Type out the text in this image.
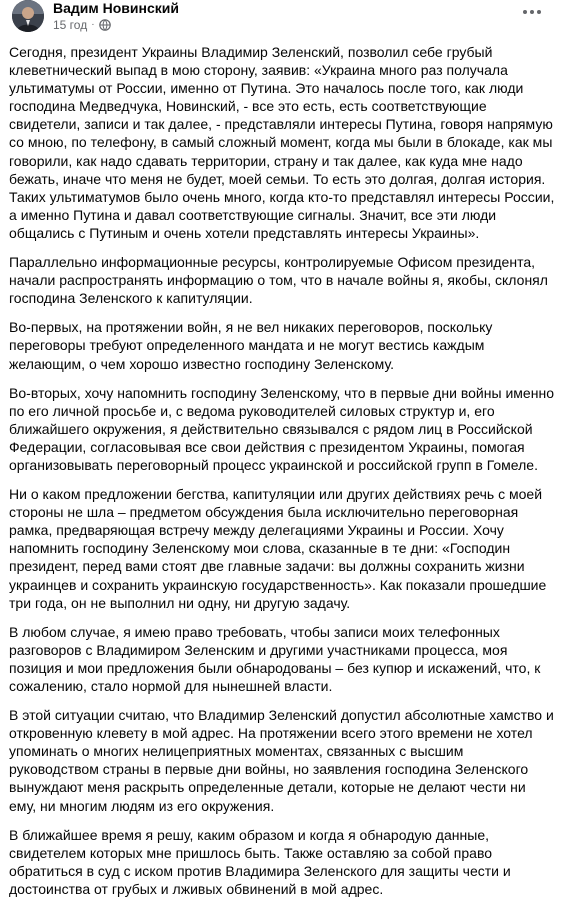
Вадим Новинский
15 год ·

Сегодня, президент Украины Владимир Зеленский, позволил себе грубый клеветнический выпад в мою сторону, заявив: «Украина много раз получала ультиматумы от России, именно от Путина. Это началось после того, как люди господина Медведчука, Новинский, - все это есть, есть соответствующие свидетели, записи и так далее, - представляли интересы Путина, говоря напрямую со мною, по телефону, в самый сложный момент, когда мы были в блокаде, как мы говорили, как надо сдавать территории, страну и так далее, как куда мне надо бежать, иначе что меня не будет, моей семьи. То есть это долгая, долгая история. Таких ультиматумов было очень много, когда кто-то представлял интересы России, а именно Путина и давал соответствующие сигналы. Значит, все эти люди общались с Путиным и очень хотели представлять интересы Украины».

Параллельно информационные ресурсы, контролируемые Офисом президента, начали распространять информацию о том, что в начале войны я, якобы, склонял господина Зеленского к капитуляции.

Во-первых, на протяжении войн, я не вел никаких переговоров, поскольку переговоры требуют определенного мандата и не могут вестись каждым желающим, о чем хорошо известно господину Зеленскому.

Во-вторых, хочу напомнить господину Зеленскому, что в первые дни войны именно по его личной просьбе и, с ведома руководителей силовых структур и, его ближайшего окружения, я действительно связывался с рядом лиц в Российской Федерации, согласовывая все свои действия с президентом Украины, помогая организовывать переговорный процесс украинской и российской групп в Гомеле.

Ни о каком предложении бегства, капитуляции или других действиях речь с моей стороны не шла – предметом обсуждения была исключительно переговорная рамка, предваряющая встречу между делегациями Украины и России. Хочу напомнить господину Зеленскому мои слова, сказанные в те дни: «Господин президент, перед вами стоят две главные задачи: вы должны сохранить жизни украинцев и сохранить украинскую государственность». Как показали прошедшие три года, он не выполнил ни одну, ни другую задачу.

В любом случае, я имею право требовать, чтобы записи моих телефонных разговоров с Владимиром Зеленским и другими участниками процесса, моя позиция и мои предложения были обнародованы – без купюр и искажений, что, к сожалению, стало нормой для нынешней власти.

В этой ситуации считаю, что Владимир Зеленский допустил абсолютные хамство и откровенную клевету в мой адрес. На протяжении всего этого времени не хотел упоминать о многих нелицеприятных моментах, связанных с высшим руководством страны в первые дни войны, но заявления господина Зеленского вынуждают меня раскрыть определенные детали, которые не делают чести ни ему, ни многим людям из его окружения.

В ближайшее время я решу, каким образом и когда я обнародую данные, свидетелем которых мне пришлось быть. Также оставляю за собой право обратиться в суд с иском против Владимира Зеленского для защиты чести и достоинства от грубых и лживых обвинений в мой адрес.
